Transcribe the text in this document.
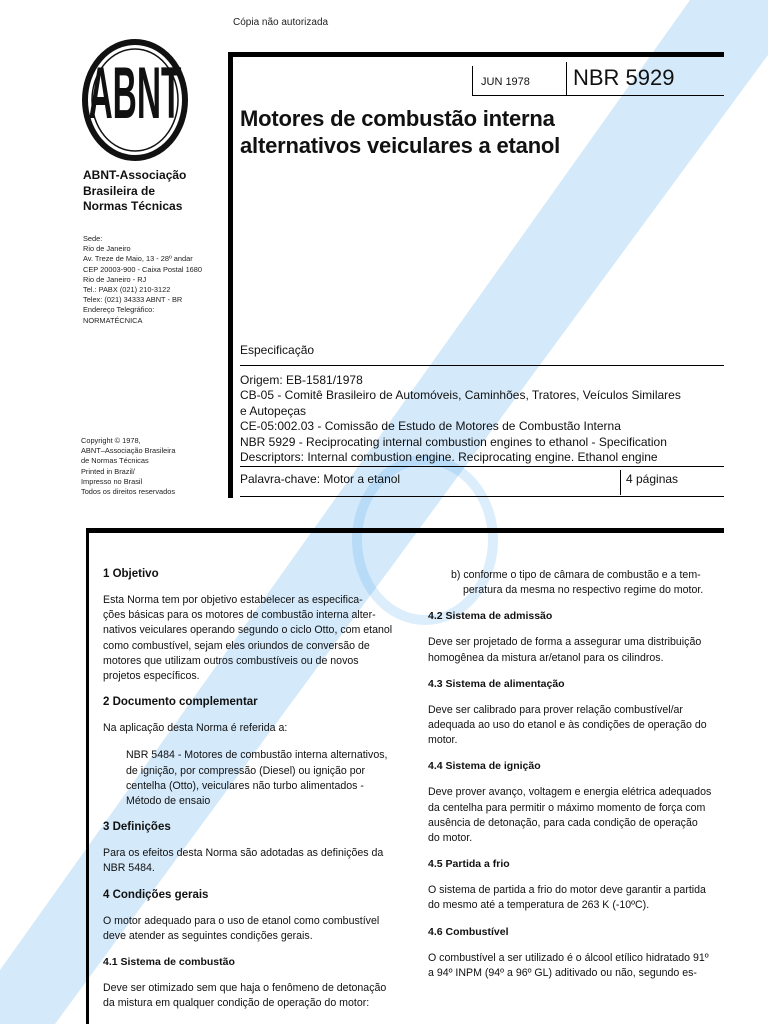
Cópia não autorizada
ABNT
ABNT-Associação
Brasileira de
Normas Técnicas
Sede:
Rio de Janeiro
Av. Treze de Maio, 13 - 28º andar
CEP 20003-900 - Caixa Postal 1680
Rio de Janeiro - RJ
Tel.: PABX (021) 210-3122
Telex: (021) 34333 ABNT - BR
Endereço Telegráfico:
NORMATÉCNICA
Copyright © 1978,
ABNT–Associação Brasileira
de Normas Técnicas
Printed in Brazil/
Impresso no Brasil
Todos os direitos reservados
JUN 1978 NBR 5929
Motores de combustão interna
alternativos veiculares a etanol
Especificação
Origem: EB-1581/1978
CB-05 - Comitê Brasileiro de Automóveis, Caminhões, Tratores, Veículos Similares
e Autopeças
CE-05:002.03 - Comissão de Estudo de Motores de Combustão Interna
NBR 5929 - Reciprocating internal combustion engines to ethanol - Specification
Descriptors: Internal combustion engine. Reciprocating engine. Ethanol engine
Palavra-chave: Motor a etanol	4 páginas
1 Objetivo
Esta Norma tem por objetivo estabelecer as especifica-
ções básicas para os motores de combustão interna alter-
nativos veiculares operando segundo o ciclo Otto, com etanol
como combustível, sejam eles oriundos de conversão de
motores que utilizam outros combustíveis ou de novos
projetos específicos.
2 Documento complementar
Na aplicação desta Norma é referida a:
NBR 5484 - Motores de combustão interna alternativos,
de ignição, por compressão (Diesel) ou ignição por
centelha (Otto), veiculares não turbo alimentados -
Método de ensaio
3 Definições
Para os efeitos desta Norma são adotadas as definições da
NBR 5484.
4 Condições gerais
O motor adequado para o uso de etanol como combustível
deve atender as seguintes condições gerais.
4.1 Sistema de combustão
Deve ser otimizado sem que haja o fenômeno de detonação
da mistura em qualquer condição de operação do motor:
b) conforme o tipo de câmara de combustão e a tem-
peratura da mesma no respectivo regime do motor.
4.2 Sistema de admissão
Deve ser projetado de forma a assegurar uma distribuição
homogênea da mistura ar/etanol para os cilindros.
4.3 Sistema de alimentação
Deve ser calibrado para prover relação combustível/ar
adequada ao uso do etanol e às condições de operação do
motor.
4.4 Sistema de ignição
Deve prover avanço, voltagem e energia elétrica adequados
da centelha para permitir o máximo momento de força com
ausência de detonação, para cada condição de operação
do motor.
4.5 Partida a frio
O sistema de partida a frio do motor deve garantir a partida
do mesmo até a temperatura de 263 K (-10ºC).
4.6 Combustível
O combustível a ser utilizado é o álcool etílico hidratado 91º
a 94º INPM (94º a 96º GL) aditivado ou não, segundo es-
